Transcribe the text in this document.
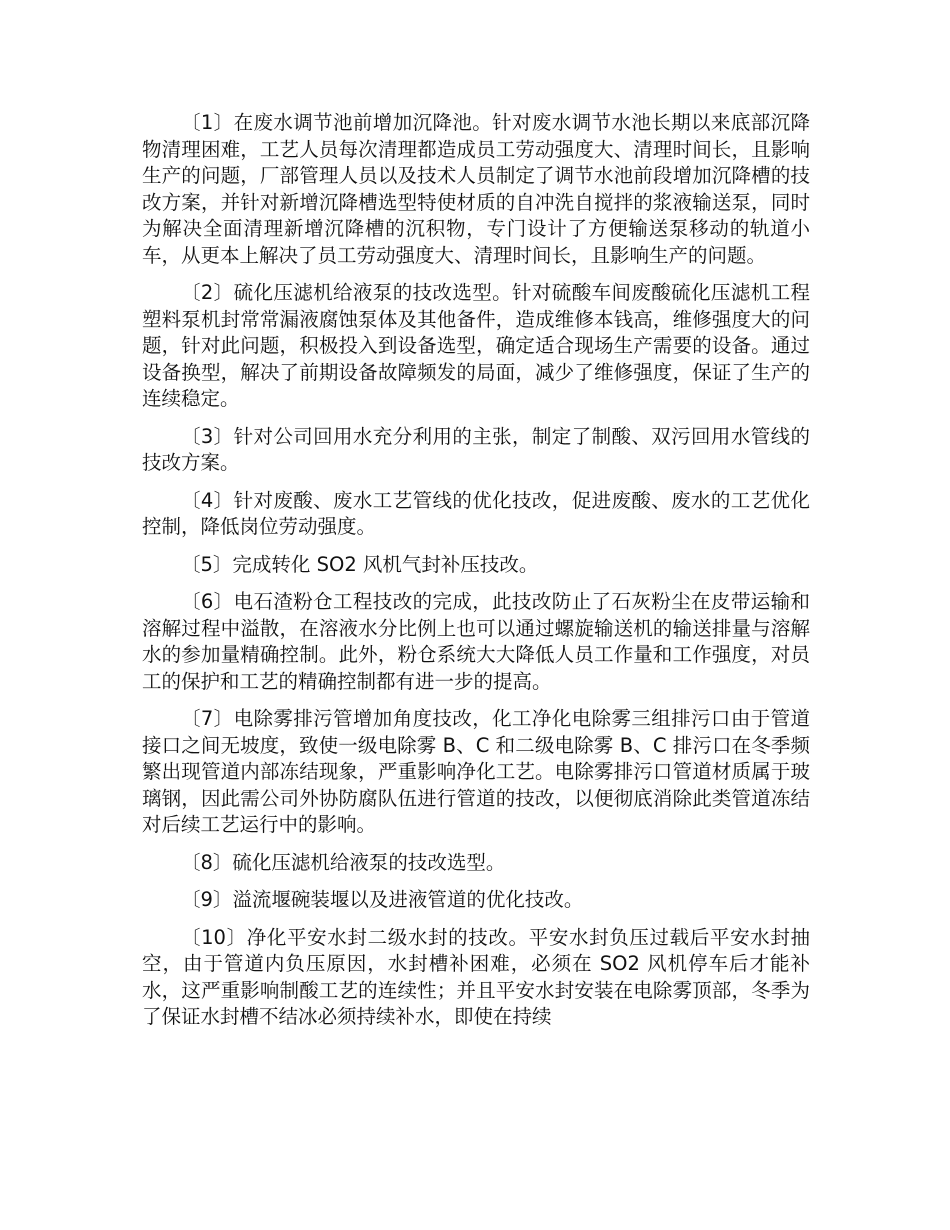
〔1〕在废水调节池前增加沉降池。针对废水调节水池长期以来底部沉降物清理困难，工艺人员每次清理都造成员工劳动强度大、清理时间长，且影响生产的问题，厂部管理人员以及技术人员制定了调节水池前段增加沉降槽的技改方案，并针对新增沉降槽选型特使材质的自冲洗自搅拌的浆液输送泵，同时为解决全面清理新增沉降槽的沉积物，专门设计了方便输送泵移动的轨道小车，从更本上解决了员工劳动强度大、清理时间长，且影响生产的问题。

〔2〕硫化压滤机给液泵的技改选型。针对硫酸车间废酸硫化压滤机工程塑料泵机封常常漏液腐蚀泵体及其他备件，造成维修本钱高，维修强度大的问题，针对此问题，积极投入到设备选型，确定适合现场生产需要的设备。通过设备换型，解决了前期设备故障频发的局面，减少了维修强度，保证了生产的连续稳定。

〔3〕针对公司回用水充分利用的主张，制定了制酸、双污回用水管线的技改方案。

〔4〕针对废酸、废水工艺管线的优化技改，促进废酸、废水的工艺优化控制，降低岗位劳动强度。

〔5〕完成转化 SO2 风机气封补压技改。

〔6〕电石渣粉仓工程技改的完成，此技改防止了石灰粉尘在皮带运输和溶解过程中溢散，在溶液水分比例上也可以通过螺旋输送机的输送排量与溶解水的参加量精确控制。此外，粉仓系统大大降低人员工作量和工作强度，对员工的保护和工艺的精确控制都有进一步的提高。

〔7〕电除雾排污管增加角度技改，化工净化电除雾三组排污口由于管道接口之间无坡度，致使一级电除雾 B、C 和二级电除雾 B、C 排污口在冬季频繁出现管道内部冻结现象，严重影响净化工艺。电除雾排污口管道材质属于玻璃钢，因此需公司外协防腐队伍进行管道的技改，以便彻底消除此类管道冻结对后续工艺运行中的影响。

〔8〕硫化压滤机给液泵的技改选型。

〔9〕溢流堰碗装堰以及进液管道的优化技改。

〔10〕净化平安水封二级水封的技改。平安水封负压过载后平安水封抽空，由于管道内负压原因，水封槽补困难，必须在 SO2 风机停车后才能补水，这严重影响制酸工艺的连续性；并且平安水封安装在电除雾顶部，冬季为了保证水封槽不结冰必须持续补水，即使在持续
